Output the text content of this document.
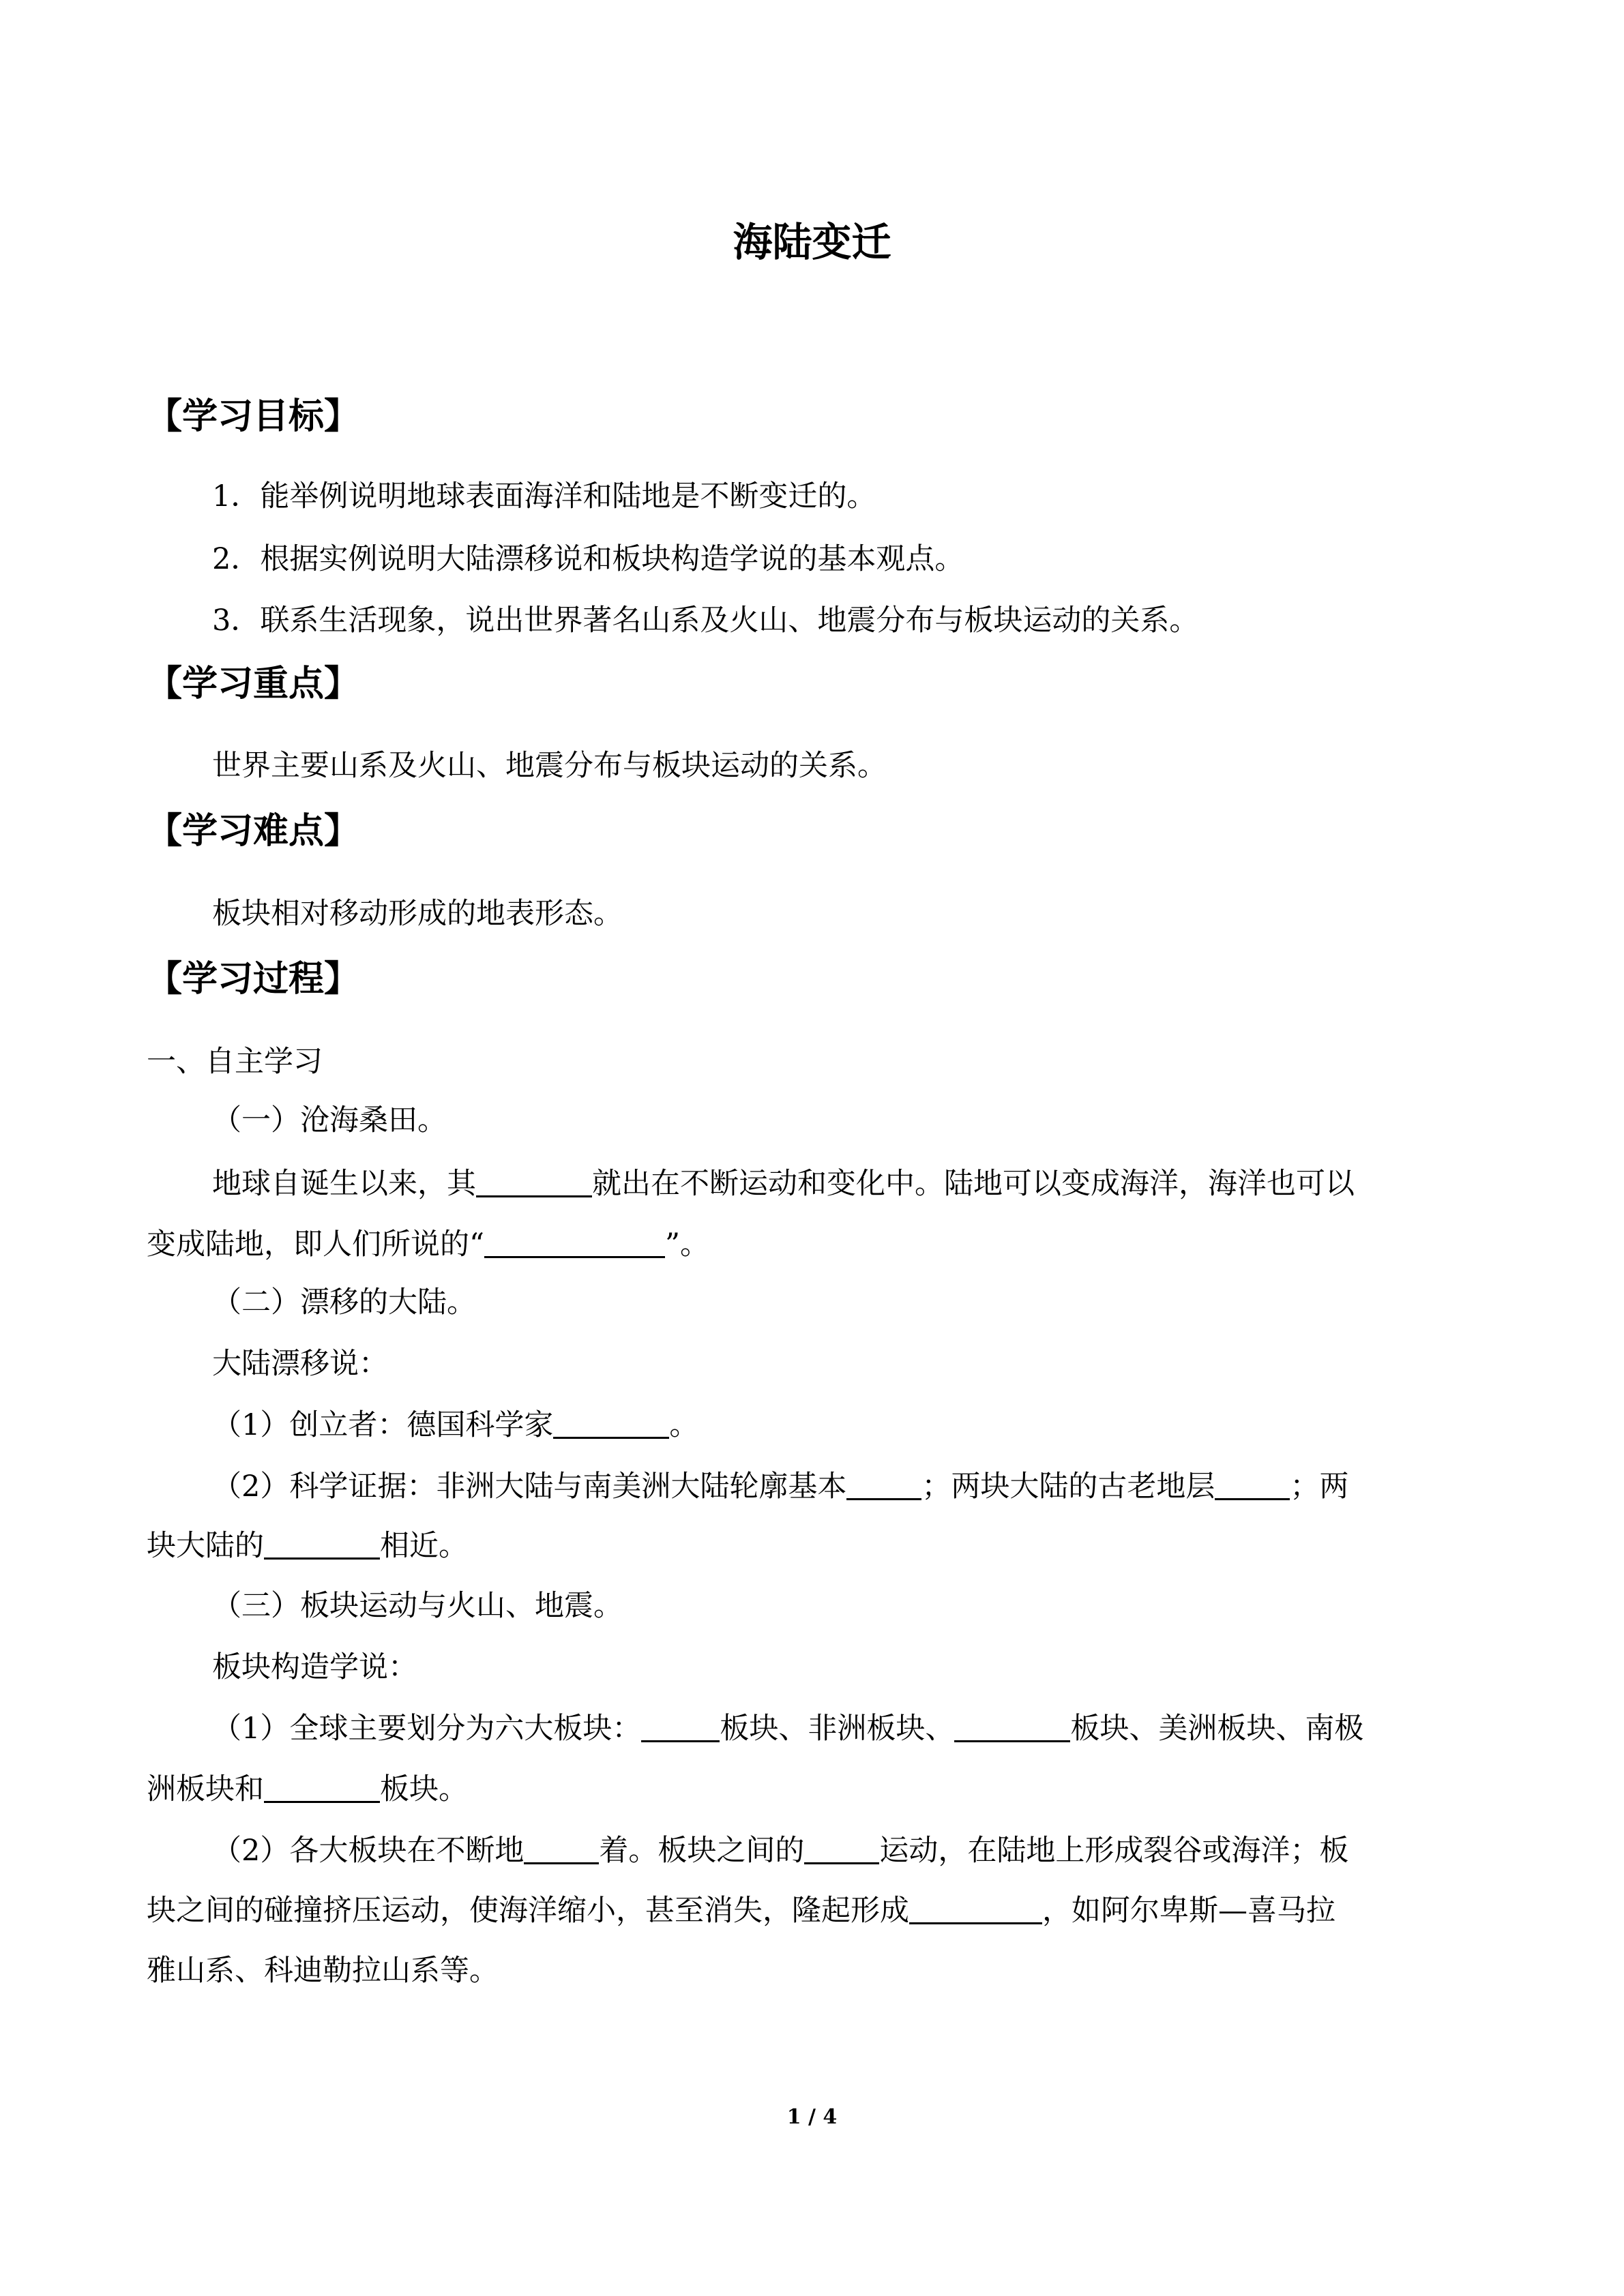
海陆变迁
【学习目标】
1．能举例说明地球表面海洋和陆地是不断变迁的。
2．根据实例说明大陆漂移说和板块构造学说的基本观点。
3．联系生活现象，说出世界著名山系及火山、地震分布与板块运动的关系。
【学习重点】
世界主要山系及火山、地震分布与板块运动的关系。
【学习难点】
板块相对移动形成的地表形态。
【学习过程】
一、自主学习
（一）沧海桑田。
地球自诞生以来，其	就出在不断运动和变化中。陆地可以变成海洋，海洋也可以
变成陆地，即人们所说的“	”。
（二）漂移的大陆。
大陆漂移说：
（1）创立者：德国科学家	。
（2）科学证据：非洲大陆与南美洲大陆轮廓基本	；两块大陆的古老地层	；两
块大陆的	相近。
（三）板块运动与火山、地震。
板块构造学说：
（1）全球主要划分为六大板块：	板块、非洲板块、	板块、美洲板块、南极
洲板块和	板块。
（2）各大板块在不断地	着。板块之间的	运动，在陆地上形成裂谷或海洋；板
块之间的碰撞挤压运动，使海洋缩小，甚至消失，隆起形成	，如阿尔卑斯—喜马拉
雅山系、科迪勒拉山系等。
1 / 4
